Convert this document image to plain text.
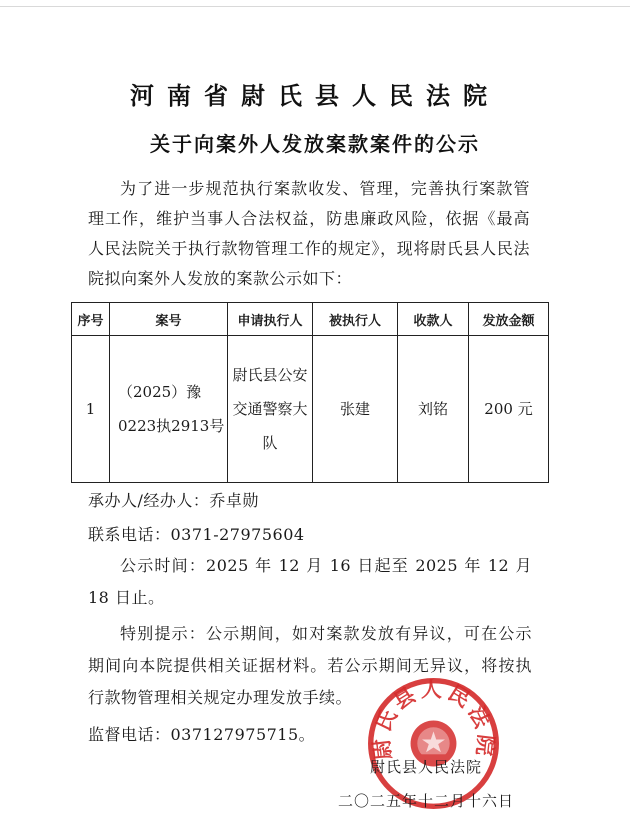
河南省尉氏县人民法院
关于向案外人发放案款案件的公示
为了进一步规范执行案款收发、管理，完善执行案款管理工作，维护当事人合法权益，防患廉政风险，依据《最高人民法院关于执行款物管理工作的规定》，现将尉氏县人民法院拟向案外人发放的案款公示如下：
序号	案号	申请执行人	被执行人	收款人	发放金额
1	（2025）豫0223执2913号	尉氏县公安交通警察大队	张建	刘铭	200 元
承办人/经办人：乔卓勋
联系电话：0371-27975604
公示时间：2025 年 12 月 16 日起至 2025 年 12 月 18 日止。
特别提示：公示期间，如对案款发放有异议，可在公示期间向本院提供相关证据材料。若公示期间无异议，将按执行款物管理相关规定办理发放手续。
监督电话：037127975715。	尉氏县人民法院
尉氏县人民法院
二〇二五年十二月十六日
